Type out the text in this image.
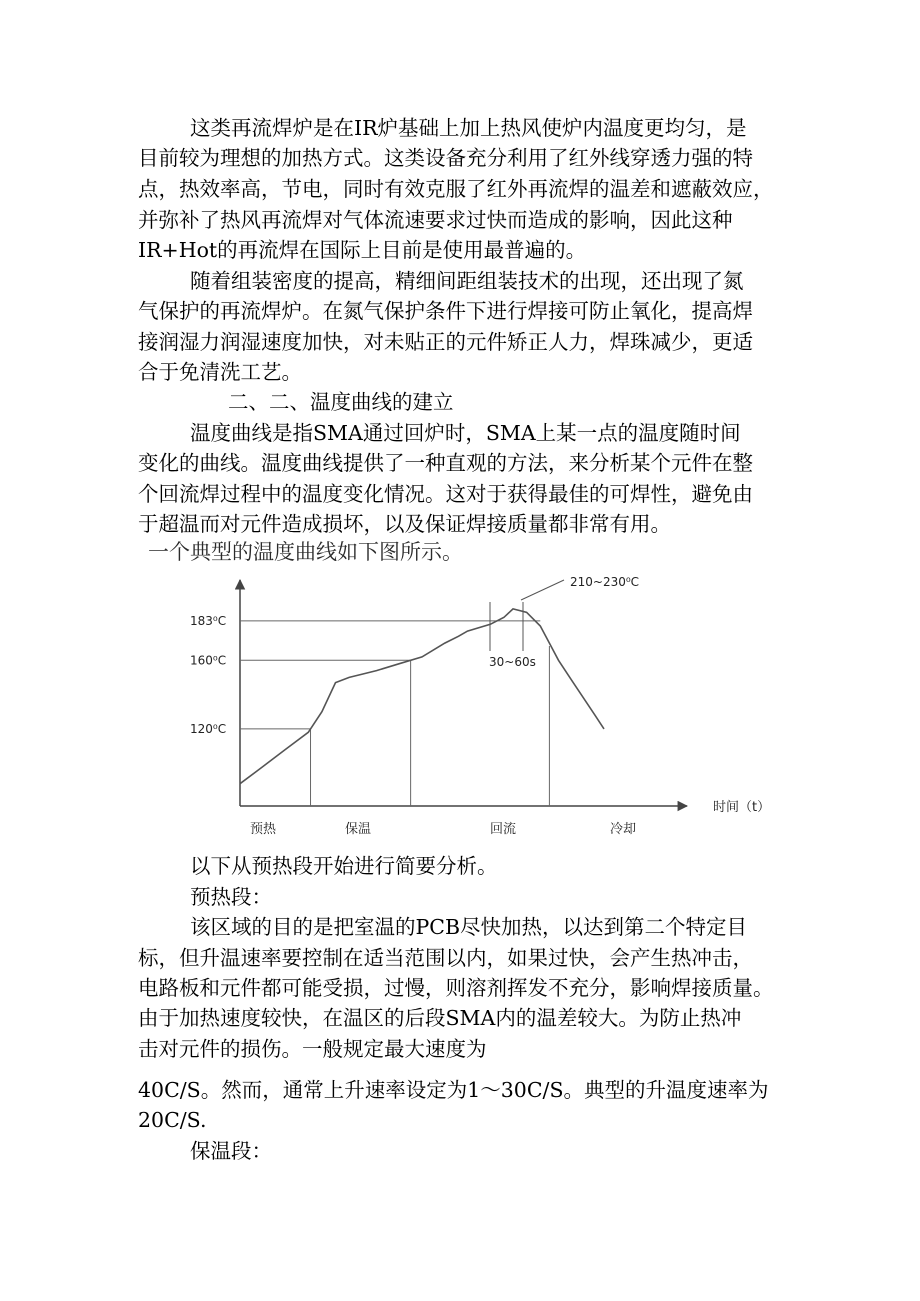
这类再流焊炉是在IR炉基础上加上热风使炉内温度更均匀，是
目前较为理想的加热方式。这类设备充分利用了红外线穿透力强的特
点，热效率高，节电，同时有效克服了红外再流焊的温差和遮蔽效应，
并弥补了热风再流焊对气体流速要求过快而造成的影响，因此这种
IR+Hot的再流焊在国际上目前是使用最普遍的。
随着组装密度的提高，精细间距组装技术的出现，还出现了氮
气保护的再流焊炉。在氮气保护条件下进行焊接可防止氧化，提高焊
接润湿力润湿速度加快，对未贴正的元件矫正人力，焊珠减少，更适
合于免清洗工艺。
二、二、温度曲线的建立
温度曲线是指SMA通过回炉时，SMA上某一点的温度随时间
变化的曲线。温度曲线提供了一种直观的方法，来分析某个元件在整
个回流焊过程中的温度变化情况。这对于获得最佳的可焊性，避免由
于超温而对元件造成损坏，以及保证焊接质量都非常有用。
一个典型的温度曲线如下图所示。
120⁰C
160⁰C
183⁰C
预热	保温	回流	冷却
210~230⁰C
30~60s
时间（t）
以下从预热段开始进行简要分析。
预热段：
该区域的目的是把室温的PCB尽快加热，以达到第二个特定目
标，但升温速率要控制在适当范围以内，如果过快，会产生热冲击，
电路板和元件都可能受损，过慢，则溶剂挥发不充分，影响焊接质量。
由于加热速度较快，在温区的后段SMA内的温差较大。为防止热冲
击对元件的损伤。一般规定最大速度为
40C/S。然而，通常上升速率设定为1～30C/S。典型的升温度速率为
20C/S.
保温段：
